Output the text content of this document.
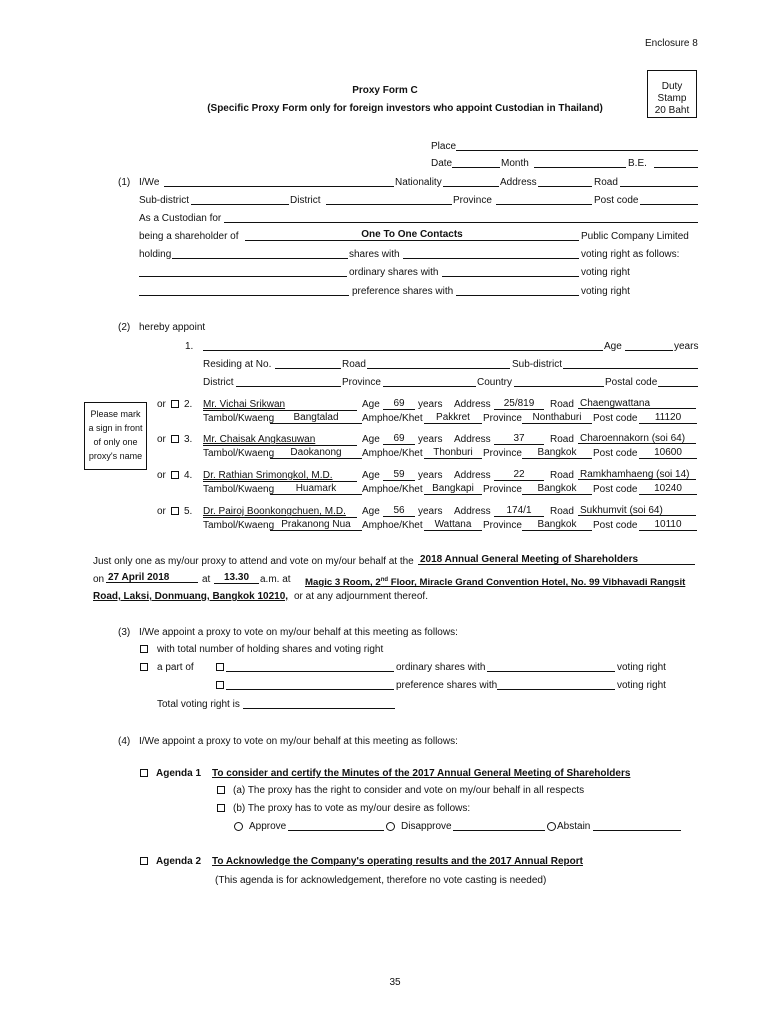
Enclosure 8
Duty
Stamp
20 Baht
Proxy Form C
(Specific Proxy Form only for foreign investors who appoint Custodian in Thailand)
Place
Date	Month	B.E.
(1) I/We	Nationality	Address	Road
Sub-district	District	Province	Post code
As a Custodian for
being a shareholder of	One To One Contacts	Public Company Limited
holding	shares with	voting right as follows:
ordinary shares with	voting right
preference shares with	voting right
(2) hereby appoint
1.	Age	years
Residing at No.	Road	Sub-district
District	Province	Country	Postal code
Please mark
a sign in front
of only one
proxy's name
or 2. Mr. Vichai Srikwan	Age	69	years Address	25/819	Road Chaengwattana
Tambol/Kwaeng	Bangtalad	Amphoe/Khet	Pakkret	Province	Nonthaburi	Post code	11120
or 3. Mr. Chaisak Angkasuwan	Age	69	years Address	37	Road Charoennakorn (soi 64)
Tambol/Kwaeng	Daokanong	Amphoe/Khet	Thonburi	Province	Bangkok	Post code	10600
or 4. Dr. Rathian Srimongkol, M.D.	Age	59	years Address	22	Road Ramkhamhaeng (soi 14)
Tambol/Kwaeng	Huamark	Amphoe/Khet Bangkapi Province	Bangkok	Post code	10240
or 5. Dr. Pairoj Boonkongchuen, M.D. Age	56	years Address	174/1	Road Sukhumvit (soi 64)
Tambol/Kwaeng Prakanong Nua	Amphoe/Khet	Wattana	Province	Bangkok	Post code	10110
Just only one as my/our proxy to attend and vote on my/our behalf at the 2018 Annual General Meeting of Shareholders
on 27 April 2018	at	13.30	a.m. at Magic 3 Room, 2nd Floor, Miracle Grand Convention Hotel, No. 99 Vibhavadi Rangsit
Road, Laksi, Donmuang, Bangkok 10210, or at any adjournment thereof.
(3) I/We appoint a proxy to vote on my/our behalf at this meeting as follows:
with total number of holding shares and voting right
a part of	ordinary shares with	voting right
preference shares with	voting right
Total voting right is
(4) I/We appoint a proxy to vote on my/our behalf at this meeting as follows:
Agenda 1 To consider and certify the Minutes of the 2017 Annual General Meeting of Shareholders
(a) The proxy has the right to consider and vote on my/our behalf in all respects
(b) The proxy has to vote as my/our desire as follows:
Approve	Disapprove	Abstain
Agenda 2 To Acknowledge the Company's operating results and the 2017 Annual Report
(This agenda is for acknowledgement, therefore no vote casting is needed)
35
